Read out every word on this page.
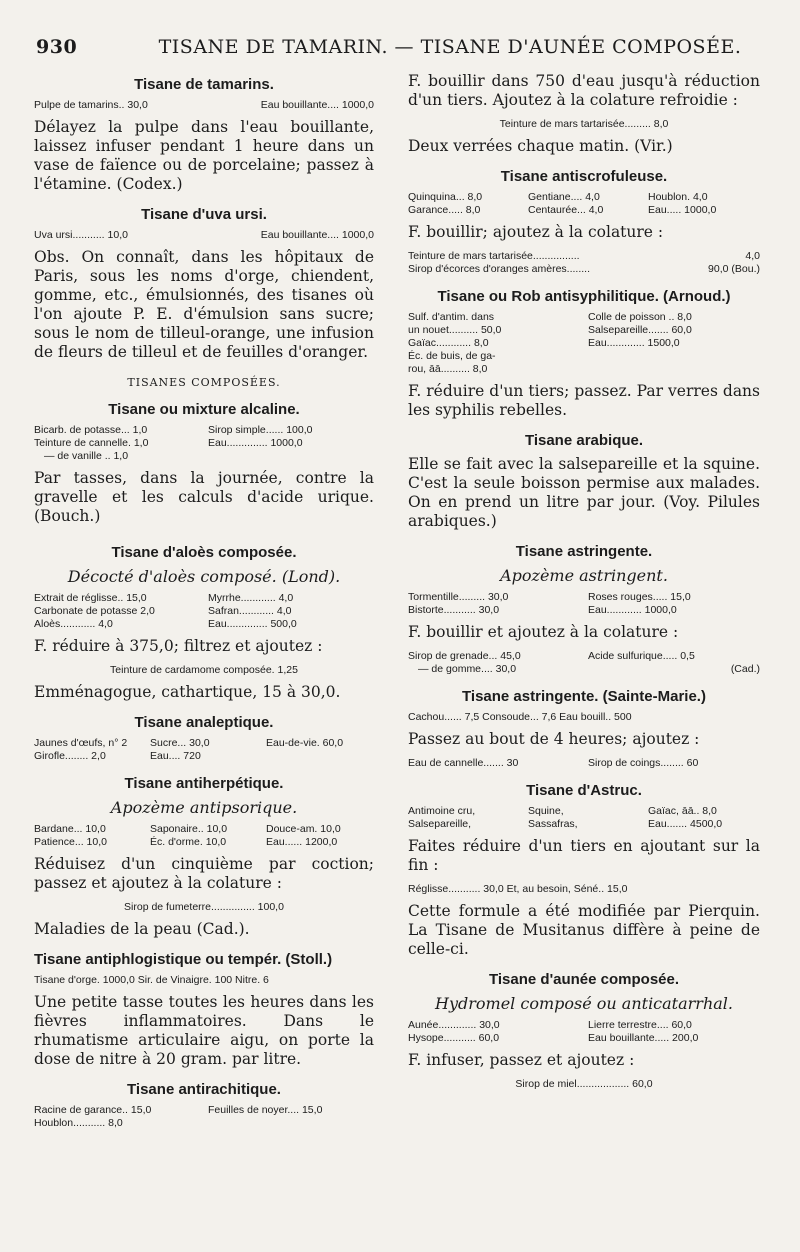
930	TISANE DE TAMARIN. — TISANE D'AUNÉE COMPOSÉE.
Tisane de tamarins.
Pulpe de tamarins.. 30,0	Eau bouillante.... 1000,0

Délayez la pulpe dans l'eau bouillante, laissez infuser pendant 1 heure dans un vase de faïence ou de porcelaine; passez à l'étamine. (Codex.)

Tisane d'uva ursi.
Uva ursi........... 10,0	Eau bouillante.... 1000,0

Obs. On connaît, dans les hôpitaux de Paris, sous les noms d'orge, chiendent, gomme, etc., émulsionnés, des tisanes où l'on ajoute P. E. d'émulsion sans sucre; sous le nom de tilleul-orange, une infusion de fleurs de tilleul et de feuilles d'oranger.

TISANES COMPOSÉES.
Tisane ou mixture alcaline.
Bicarb. de potasse... 1,0	Sirop simple...... 100,0
Teinture de cannelle. 1,0	Eau.............. 1000,0
— de vanille .. 1,0

Par tasses, dans la journée, contre la gravelle et les calculs d'acide urique. (Bouch.)

Tisane d'aloès composée.
Décocté d'aloès composé. (Lond).
Extrait de réglisse.. 15,0	Myrrhe............ 4,0
Carbonate de potasse 2,0	Safran............ 4,0
Aloès............ 4,0	Eau.............. 500,0

F. réduire à 375,0; filtrez et ajoutez :

Teinture de cardamome composée. 1,25

Emménagogue, cathartique, 15 à 30,0.

Tisane analeptique.
Jaunes d'œufs, n° 2	Sucre... 30,0	Eau-de-vie. 60,0
Girofle........ 2,0	Eau.... 720
Tisane antiherpétique.
Apozème antipsorique.
Bardane... 10,0	Saponaire.. 10,0	Douce-am. 10,0
Patience... 10,0	Éc. d'orme. 10,0	Eau...... 1200,0

Réduisez d'un cinquième par coction; passez et ajoutez à la colature :

Sirop de fumeterre............... 100,0

Maladies de la peau (Cad.).

Tisane antiphlogistique ou tempér. (Stoll.)
Tisane d'orge. 1000,0 Sir. de Vinaigre. 100 Nitre. 6

Une petite tasse toutes les heures dans les fièvres inflammatoires. Dans le rhumatisme articulaire aigu, on porte la dose de nitre à 20 gram. par litre.

Tisane antirachitique.
Racine de garance.. 15,0	Feuilles de noyer.... 15,0
Houblon........... 8,0

F. bouillir dans 750 d'eau jusqu'à réduction d'un tiers. Ajoutez à la colature refroidie :

Teinture de mars tartarisée......... 8,0

Deux verrées chaque matin. (Vir.)

Tisane antiscrofuleuse.
Quinquina... 8,0	Gentiane.... 4,0	Houblon. 4,0
Garance..... 8,0	Centaurée... 4,0	Eau..... 1000,0

F. bouillir; ajoutez à la colature :

Teinture de mars tartarisée................	4,0
Sirop d'écorces d'oranges amères........	90,0 (Bou.)
Tisane ou Rob antisyphilitique. (Arnoud.)
Sulf. d'antim. dans	Colle de poisson .. 8,0
un nouet.......... 50,0	Salsepareille....... 60,0
Gaïac............ 8,0	Eau............. 1500,0
Éc. de buis, de ga-
rou, āā.......... 8,0

F. réduire d'un tiers; passez. Par verres dans les syphilis rebelles.

Tisane arabique.

Elle se fait avec la salsepareille et la squine. C'est la seule boisson permise aux malades. On en prend un litre par jour. (Voy. Pilules arabiques.)

Tisane astringente.
Apozème astringent.
Tormentille......... 30,0	Roses rouges..... 15,0
Bistorte........... 30,0	Eau............ 1000,0

F. bouillir et ajoutez à la colature :

Sirop de grenade... 45,0	Acide sulfurique..... 0,5
— de gomme.... 30,0	(Cad.)
Tisane astringente. (Sainte-Marie.)
Cachou...... 7,5 Consoude... 7,6 Eau bouill.. 500

Passez au bout de 4 heures; ajoutez :

Eau de cannelle....... 30	Sirop de coings........ 60
Tisane d'Astruc.
Antimoine cru,	Squine,	Gaïac, āā.. 8,0
Salsepareille,	Sassafras,	Eau....... 4500,0

Faites réduire d'un tiers en ajoutant sur la fin :

Réglisse........... 30,0 Et, au besoin, Séné.. 15,0

Cette formule a été modifiée par Pierquin. La Tisane de Musitanus diffère à peine de celle-ci.

Tisane d'aunée composée.
Hydromel composé ou anticatarrhal.
Aunée............. 30,0	Lierre terrestre.... 60,0
Hysope........... 60,0	Eau bouillante..... 200,0

F. infuser, passez et ajoutez :

Sirop de miel.................. 60,0
